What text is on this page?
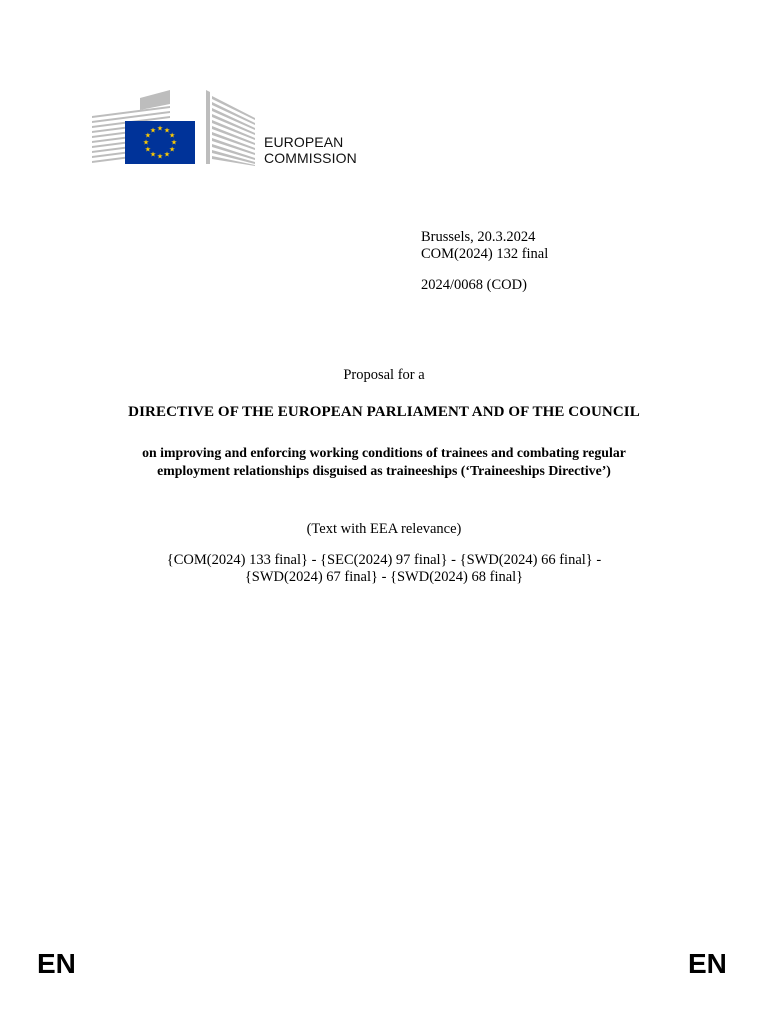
★ ★
★
★
★
★
★
★
★
★
★
★
EUROPEAN
COMMISSION
Brussels, 20.3.2024
COM(2024) 132 final
2024/0068 (COD)
Proposal for a
DIRECTIVE OF THE EUROPEAN PARLIAMENT AND OF THE COUNCIL
on improving and enforcing working conditions of trainees and combating regular
employment relationships disguised as traineeships (‘Traineeships Directive’)
(Text with EEA relevance)
{COM(2024) 133 final} - {SEC(2024) 97 final} - {SWD(2024) 66 final} -
{SWD(2024) 67 final} - {SWD(2024) 68 final}
EN	EN
